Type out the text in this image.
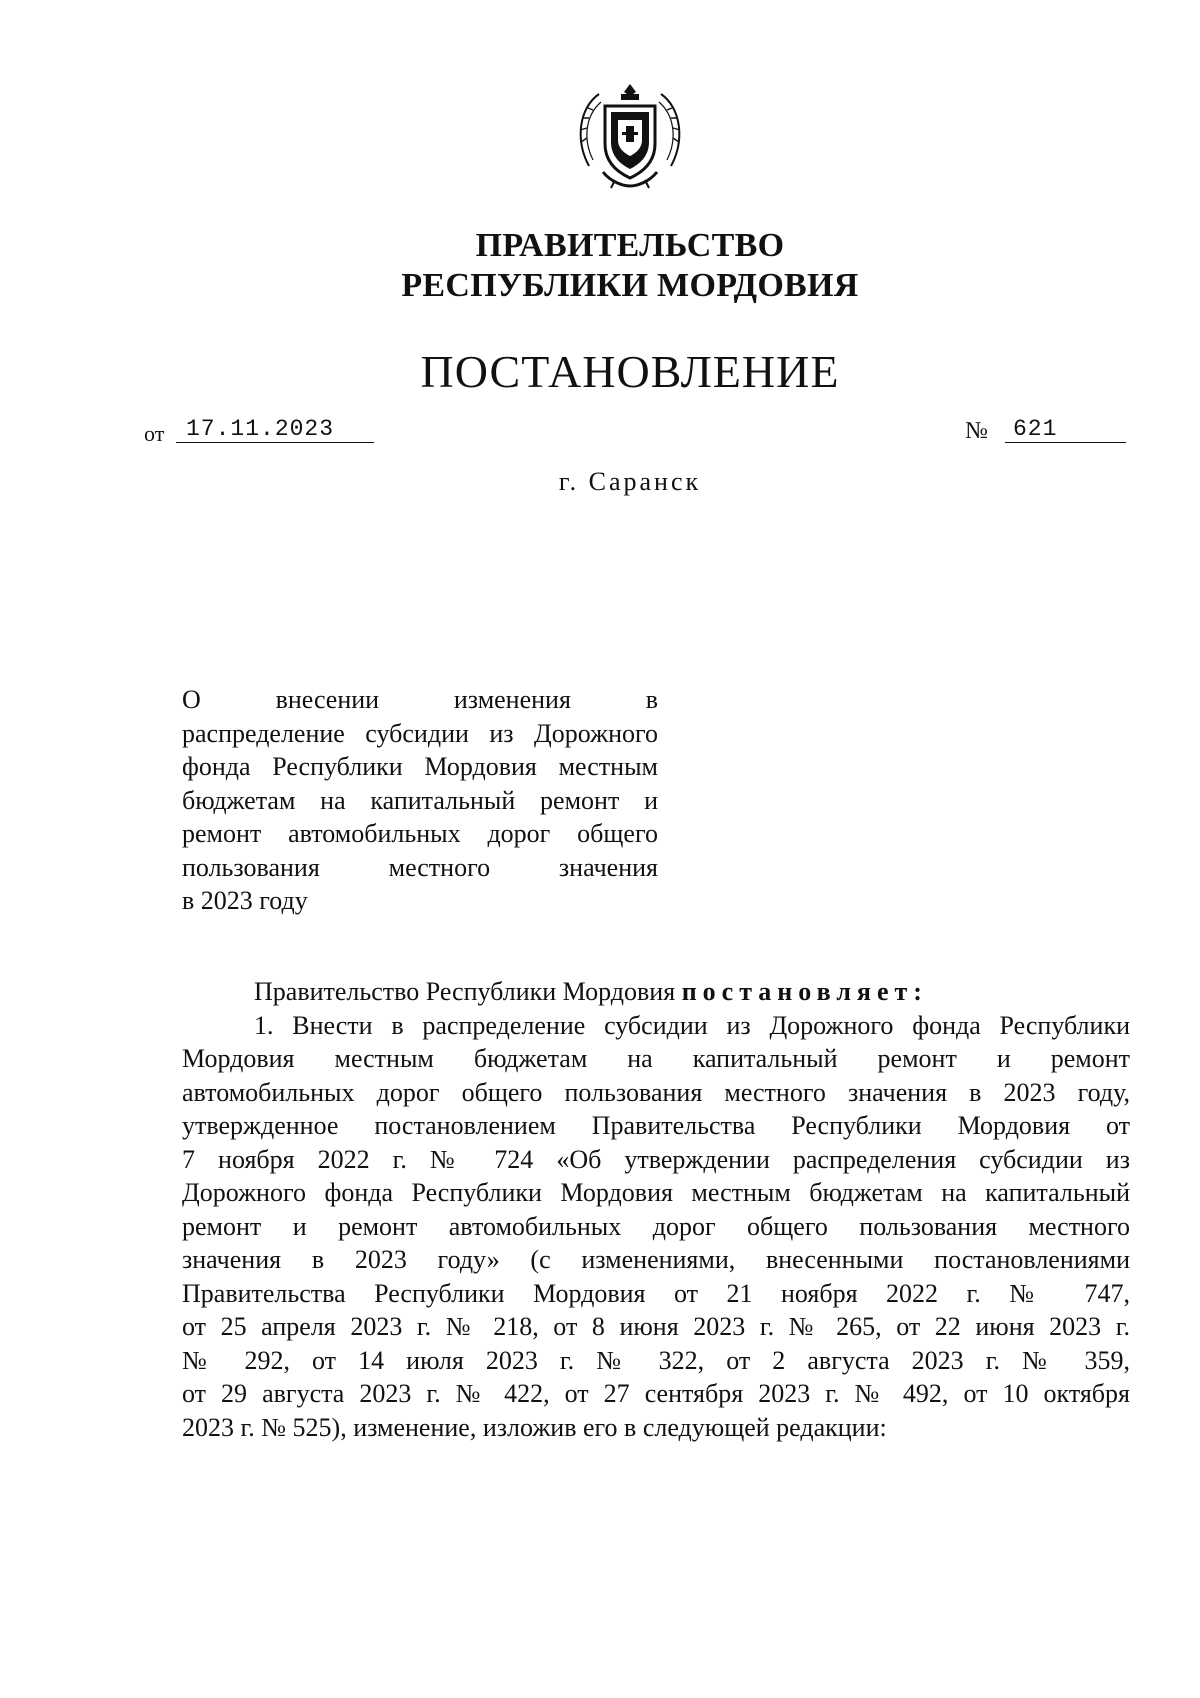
ПРАВИТЕЛЬСТВО
РЕСПУБЛИКИ МОРДОВИЯ
ПОСТАНОВЛЕНИЕ
от 17.11.2023	№ 621
г. Саранск
О внесении изменения в
распределение субсидии из Дорожного
фонда Республики Мордовия местным
бюджетам на капитальный ремонт и
ремонт автомобильных дорог общего
пользования местного значения
в 2023 году
Правительство Республики Мордовия постановляет:
1. Внести в распределение субсидии из Дорожного фонда Республики
Мордовия местным бюджетам на капитальный ремонт и ремонт
автомобильных дорог общего пользования местного значения в 2023 году,
утвержденное постановлением Правительства Республики Мордовия от
7 ноября 2022 г. № 724 «Об утверждении распределения субсидии из
Дорожного фонда Республики Мордовия местным бюджетам на капитальный
ремонт и ремонт автомобильных дорог общего пользования местного
значения в 2023 году» (с изменениями, внесенными постановлениями
Правительства Республики Мордовия от 21 ноября 2022 г. № 747,
от 25 апреля 2023 г. № 218, от 8 июня 2023 г. № 265, от 22 июня 2023 г.
№ 292, от 14 июля 2023 г. № 322, от 2 августа 2023 г. № 359,
от 29 августа 2023 г. № 422, от 27 сентября 2023 г. № 492, от 10 октября
2023 г. № 525), изменение, изложив его в следующей редакции:
